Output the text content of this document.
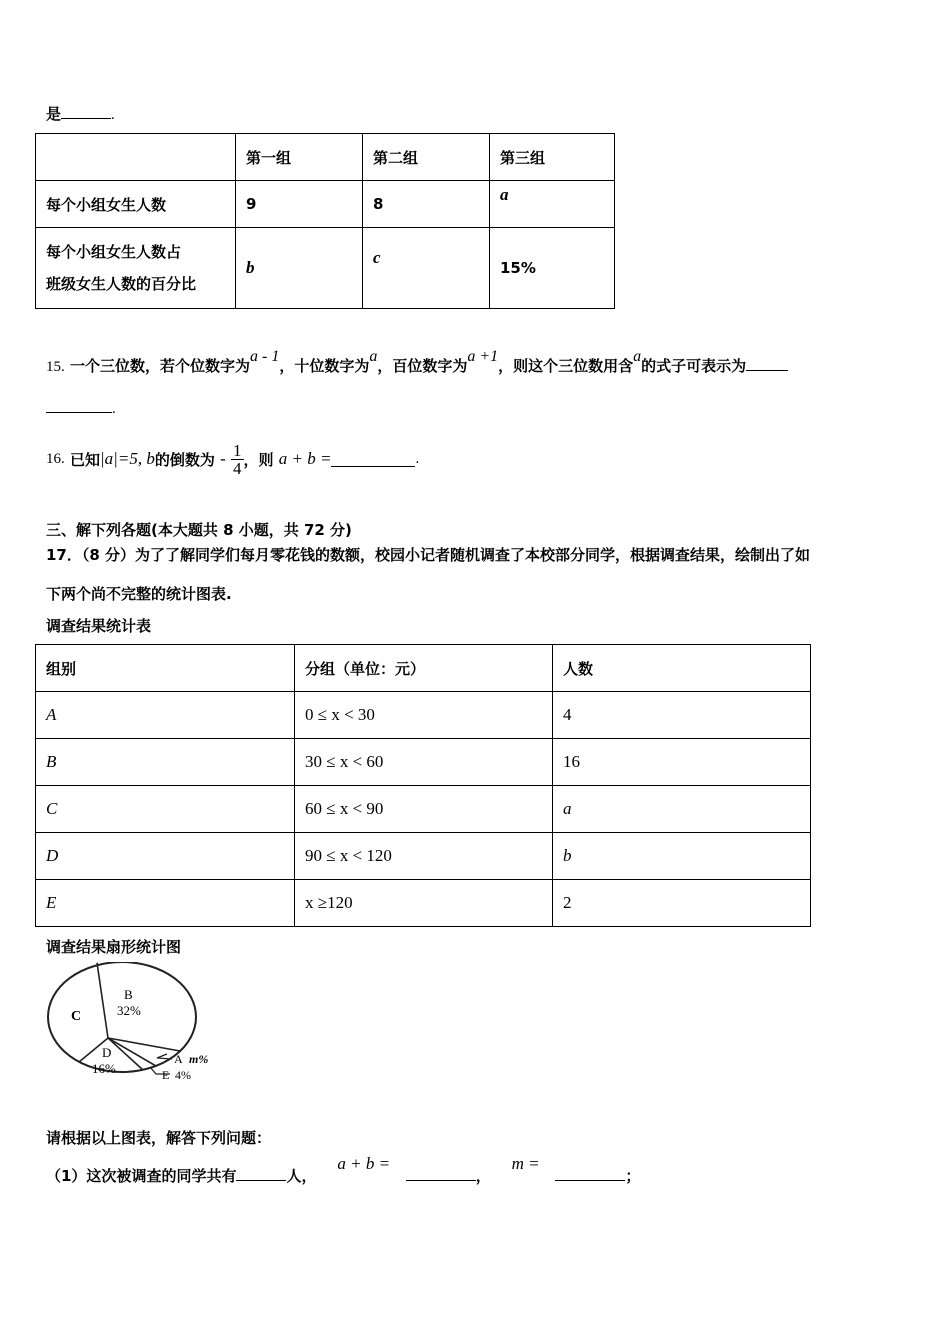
是	.
	第一组	第二组	第三组
每个小组女生人数	9	8	a

每个小组女生人数占
班级女生人数的百分比	b	c	15%
15. 一个三位数，若个位数字为$^{a - 1}$，十位数字为$^a$，百位数字为$^{a +1}$，则这个三位数用含$^a$的式子可表示为
.
16.
已知 |a| =5, b 的倒数为
-
$\frac{1}{4}$ ，则
a + b =	.
三、解下列各题(本大题共 8 小题，共 72 分)
17．（8 分）为了了解同学们每月零花钱的数额，校园小记者随机调查了本校部分同学，根据调查结果，绘制出了如
下两个尚不完整的统计图表.
调查结果统计表
组别	分组（单位：元）	人数
A	0 ≤ x < 30	4
B	30 ≤ x < 60	16
C	60 ≤ x < 90	a
D	90 ≤ x < 120	b
E	x ≥120	2
调查结果扇形统计图
B
32%
C
D
16%
A m%
E 4%
请根据以上图表，解答下列问题：
（1）这次被调查的同学共有	人，    $^{a + b =}$   ，    $^{m =}$   ；
